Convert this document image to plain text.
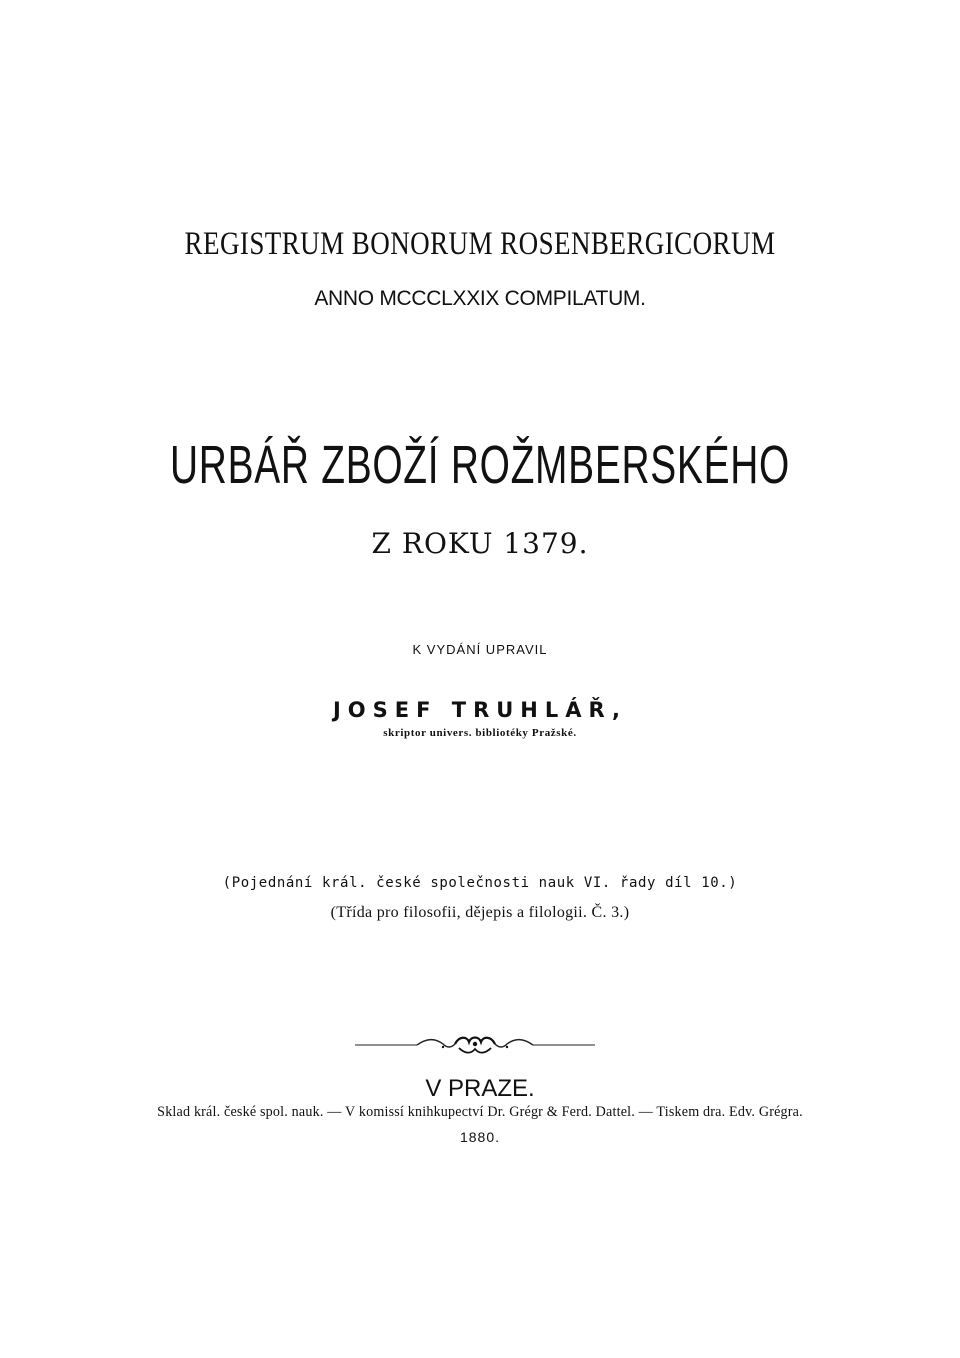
REGISTRUM BONORUM ROSENBERGICORUM
ANNO MCCCLXXIX COMPILATUM.
URBÁŘ ZBOŽÍ ROŽMBERSKÉHO
Z ROKU 1379.
K VYDÁNÍ UPRAVIL
JOSEF TRUHLÁŘ,
skriptor univers. bibliotéky Pražské.
(Pojednání král. české společnosti nauk VI. řady díl 10.)
(Třída pro filosofii, dějepis a filologii. Č. 3.)
V PRAZE.
Sklad král. české spol. nauk. — V komissí knihkupectví Dr. Grégr & Ferd. Dattel. — Tiskem dra. Edv. Grégra.
1880.
